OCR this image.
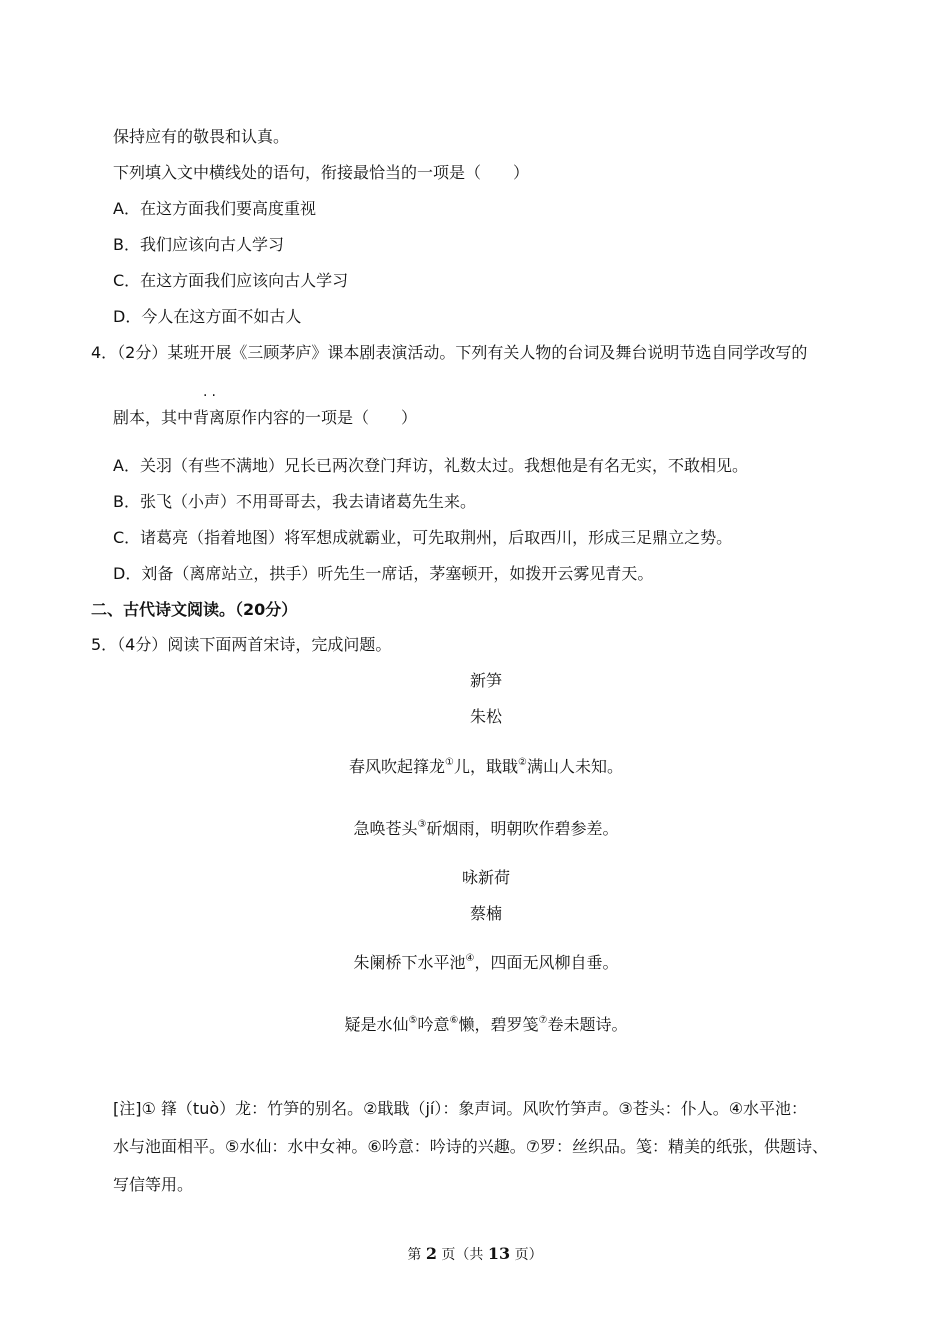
保持应有的敬畏和认真。
下列填入文中横线处的语句，衔接最恰当的一项是（　　）
A．在这方面我们要高度重视
B．我们应该向古人学习
C．在这方面我们应该向古人学习
D．今人在这方面不如古人
4．（2分）某班开展《三顾茅庐》课本剧表演活动。下列有关人物的台词及舞台说明节选自同学改写的
··
剧本，其中背离原作内容的一项是（　　）
A．关羽（有些不满地）兄长已两次登门拜访，礼数太过。我想他是有名无实，不敢相见。
B．张飞（小声）不用哥哥去，我去请诸葛先生来。
C．诸葛亮（指着地图）将军想成就霸业，可先取荆州，后取西川，形成三足鼎立之势。
D．刘备（离席站立，拱手）听先生一席话，茅塞顿开，如拨开云雾见青天。
二、古代诗文阅读。（20分）
5．（4分）阅读下面两首宋诗，完成问题。
新笋
朱松
春风吹起箨龙①儿，戢戢②满山人未知。
急唤苍头③斫烟雨，明朝吹作碧参差。
咏新荷
蔡楠
朱阑桥下水平池④，四面无风柳自垂。
疑是水仙⑤吟意⑥懒，碧罗笺⑦卷未题诗。
[注]① 箨（tuò）龙：竹笋的别名。②戢戢（jí）：象声词。风吹竹笋声。③苍头：仆人。④水平池：
水与池面相平。⑤水仙：水中女神。⑥吟意：吟诗的兴趣。⑦罗：丝织品。笺：精美的纸张，供题诗、
写信等用。
第 2 页（共 13 页）
